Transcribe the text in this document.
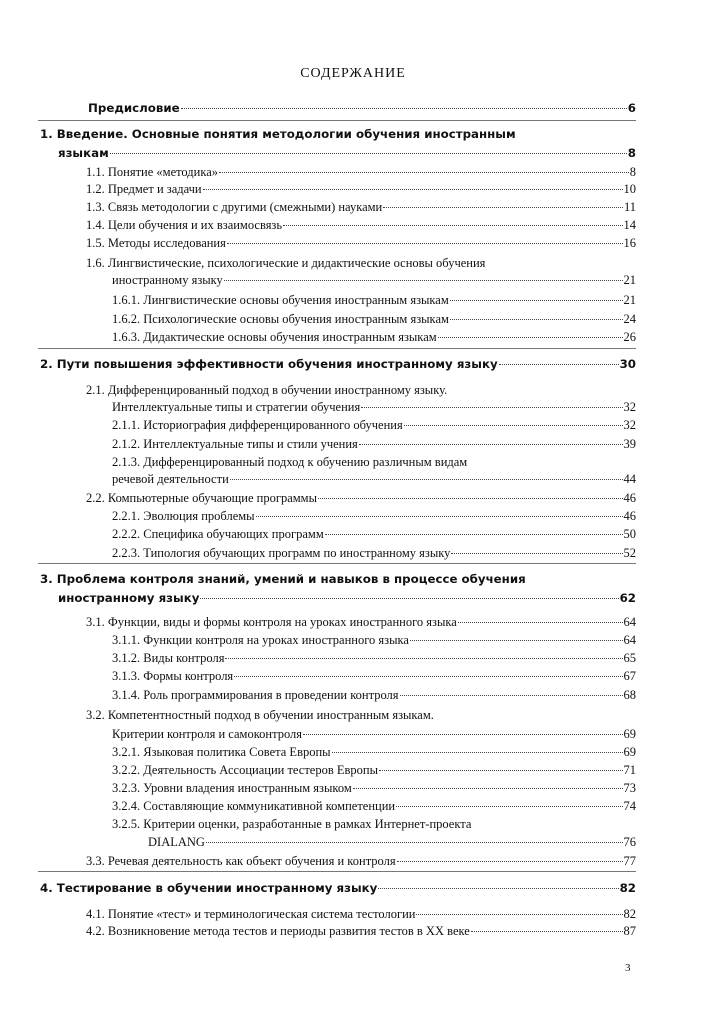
СОДЕРЖАНИЕ
Предисловие	6
1. Введение. Основные понятия методологии обучения иностранным
языкам	8
1.1. Понятие «методика»	8
1.2. Предмет и задачи	10
1.3. Связь методологии с другими (смежными) науками	11
1.4. Цели обучения и их взаимосвязь	14
1.5. Методы исследования	16
1.6. Лингвистические, психологические и дидактические основы обучения
иностранному языку	21
1.6.1. Лингвистические основы обучения иностранным языкам	21
1.6.2. Психологические основы обучения иностранным языкам	24
1.6.3. Дидактические основы обучения иностранным языкам	26
2. Пути повышения эффективности обучения иностранному языку	30
2.1. Дифференцированный подход в обучении иностранному языку.
Интеллектуальные типы и стратегии обучения	32
2.1.1. Историография дифференцированного обучения	32
2.1.2. Интеллектуальные типы и стили учения	39
2.1.3. Дифференцированный подход к обучению различным видам
речевой деятельности	44
2.2. Компьютерные обучающие программы	46
2.2.1. Эволюция проблемы	46
2.2.2. Специфика обучающих программ	50
2.2.3. Типология обучающих программ по иностранному языку	52
3. Проблема контроля знаний, умений и навыков в процессе обучения
иностранному языку	62
3.1. Функции, виды и формы контроля на уроках иностранного языка	64
3.1.1. Функции контроля на уроках иностранного языка	64
3.1.2. Виды контроля	65
3.1.3. Формы контроля	67
3.1.4. Роль программирования в проведении контроля	68
3.2. Компетентностный подход в обучении иностранным языкам.
Критерии контроля и самоконтроля	69
3.2.1. Языковая политика Совета Европы	69
3.2.2. Деятельность Ассоциации тестеров Европы	71
3.2.3. Уровни владения иностранным языком	73
3.2.4. Составляющие коммуникативной компетенции	74
3.2.5. Критерии оценки, разработанные в рамках Интернет-проекта
DIALANG	76
3.3. Речевая деятельность как объект обучения и контроля	77
4. Тестирование в обучении иностранному языку	82
4.1. Понятие «тест» и терминологическая система тестологии	82
4.2. Возникновение метода тестов и периоды развития тестов в XX веке	87
3
